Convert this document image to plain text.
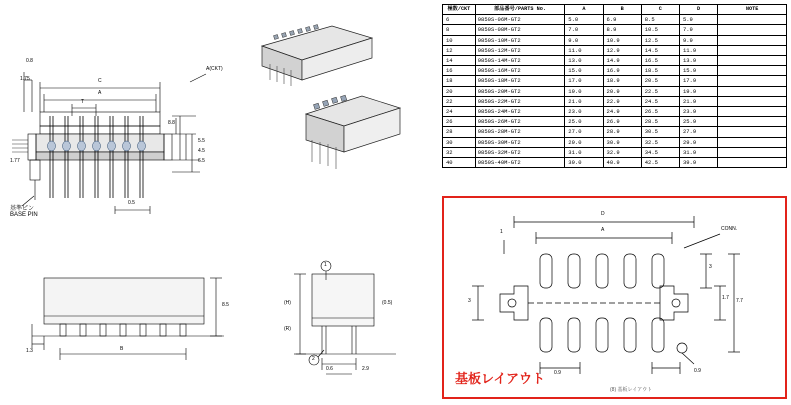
極数/CKT	部品番号/PARTS No.	A	B	C	D	NOTE
6	9850S-06M-GT2	5.0	6.9	8.5	5.9	
8	9850S-08M-GT2	7.0	8.9	10.5	7.9	
10	9850S-10M-GT2	9.0	10.9	12.5	9.9	
12	9850S-12M-GT2	11.0	12.9	14.5	11.9	
14	9850S-14M-GT2	13.0	14.9	16.5	13.9	
16	9850S-16M-GT2	15.0	16.9	18.5	15.9	
18	9850S-18M-GT2	17.0	18.9	20.5	17.9	
20	9850S-20M-GT2	19.0	20.9	22.5	19.9	
22	9850S-22M-GT2	21.0	22.9	24.5	21.9	
24	9850S-24M-GT2	23.0	24.9	26.5	23.9	
26	9850S-26M-GT2	25.0	26.9	28.5	25.9	
28	9850S-28M-GT2	27.0	28.9	30.5	27.9	
30	9850S-30M-GT2	29.0	30.9	32.5	29.9	
32	9850S-32M-GT2	31.0	32.9	34.5	31.9	
40	9850S-40M-GT2	39.0	40.9	42.5	39.9	
0.8
1.75	C
A
T
A(CKT)
8.8
5.5
4.5
6.5
1.77
0.5
基準ピン
BASE PIN
1.3	B
8.5
1
2
(H)
(R)
(0.5)
0.6	2.9
D
A
1	CONN.
3
1.7 7.7
3
0.9	0.9
(8) 基板レイアウト
基板レイアウト
